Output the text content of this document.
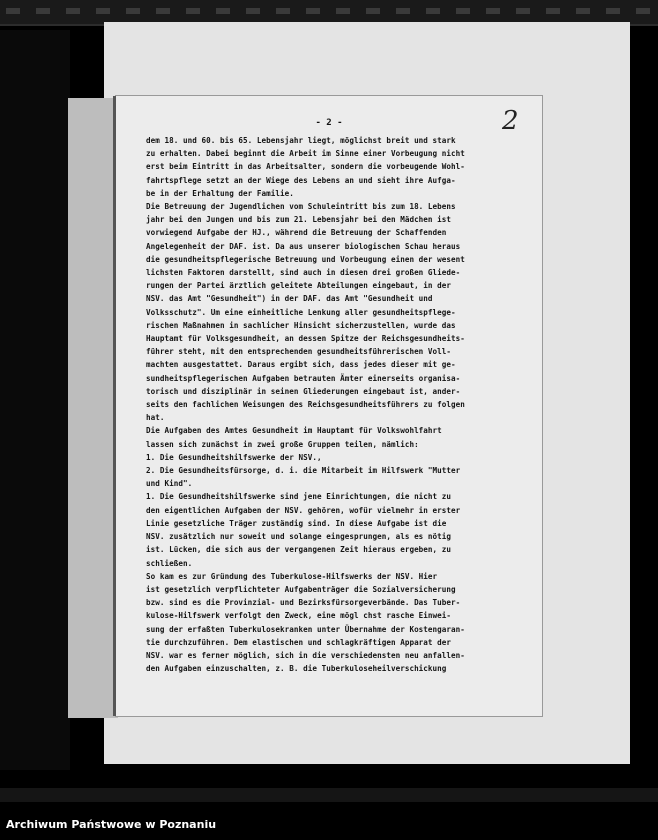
- 2 -	2
dem 18. und 60. bis 65. Lebensjahr liegt, möglichst breit und stark
zu erhalten. Dabei beginnt die Arbeit im Sinne einer Vorbeugung nicht
erst beim Eintritt in das Arbeitsalter, sondern die vorbeugende Wohl-
fahrtspflege setzt an der Wiege des Lebens an und sieht ihre Aufga-
be in der Erhaltung der Familie.
Die Betreuung der Jugendlichen vom Schuleintritt bis zum 18. Lebens
jahr bei den Jungen und bis zum 21. Lebensjahr bei den Mädchen ist
vorwiegend Aufgabe der HJ., während die Betreuung der Schaffenden
Angelegenheit der DAF. ist. Da aus unserer biologischen Schau heraus
die gesundheitspflegerische Betreuung und Vorbeugung einen der wesent
lichsten Faktoren darstellt, sind auch in diesen drei großen Gliede-
rungen der Partei ärztlich geleitete Abteilungen eingebaut, in der
NSV. das Amt "Gesundheit") in der DAF. das Amt "Gesundheit und
Volksschutz". Um eine einheitliche Lenkung aller gesundheitspflege-
rischen Maßnahmen in sachlicher Hinsicht sicherzustellen, wurde das
Hauptamt für Volksgesundheit, an dessen Spitze der Reichsgesundheits-
führer steht, mit den entsprechenden gesundheitsführerischen Voll-
machten ausgestattet. Daraus ergibt sich, dass jedes dieser mit ge-
sundheitspflegerischen Aufgaben betrauten Ämter einerseits organisa-
torisch und disziplinär in seinen Gliederungen eingebaut ist, ander-
seits den fachlichen Weisungen des Reichsgesundheitsführers zu folgen
hat.
Die Aufgaben des Amtes Gesundheit im Hauptamt für Volkswohlfahrt
lassen sich zunächst in zwei große Gruppen teilen, nämlich:
1. Die Gesundheitshilfswerke der NSV.,
2. Die Gesundheitsfürsorge, d. i. die Mitarbeit im Hilfswerk "Mutter
und Kind".
1. Die Gesundheitshilfswerke sind jene Einrichtungen, die nicht zu
den eigentlichen Aufgaben der NSV. gehören, wofür vielmehr in erster
Linie gesetzliche Träger zuständig sind. In diese Aufgabe ist die
NSV. zusätzlich nur soweit und solange eingesprungen, als es nötig
ist. Lücken, die sich aus der vergangenen Zeit hieraus ergeben, zu
schließen.
So kam es zur Gründung des Tuberkulose-Hilfswerks der NSV. Hier
ist gesetzlich verpflichteter Aufgabenträger die Sozialversicherung
bzw. sind es die Provinzial- und Bezirksfürsorgeverbände. Das Tuber-
kulose-Hilfswerk verfolgt den Zweck, eine mögl chst rasche Einwei-
sung der erfaßten Tuberkulosekranken unter Übernahme der Kostengaran-
tie durchzuführen. Dem elastischen und schlagkräftigen Apparat der
NSV. war es ferner möglich, sich in die verschiedensten neu anfallen-
den Aufgaben einzuschalten, z. B. die Tuberkuloseheilverschickung
Archiwum Państwowe w Poznaniu
